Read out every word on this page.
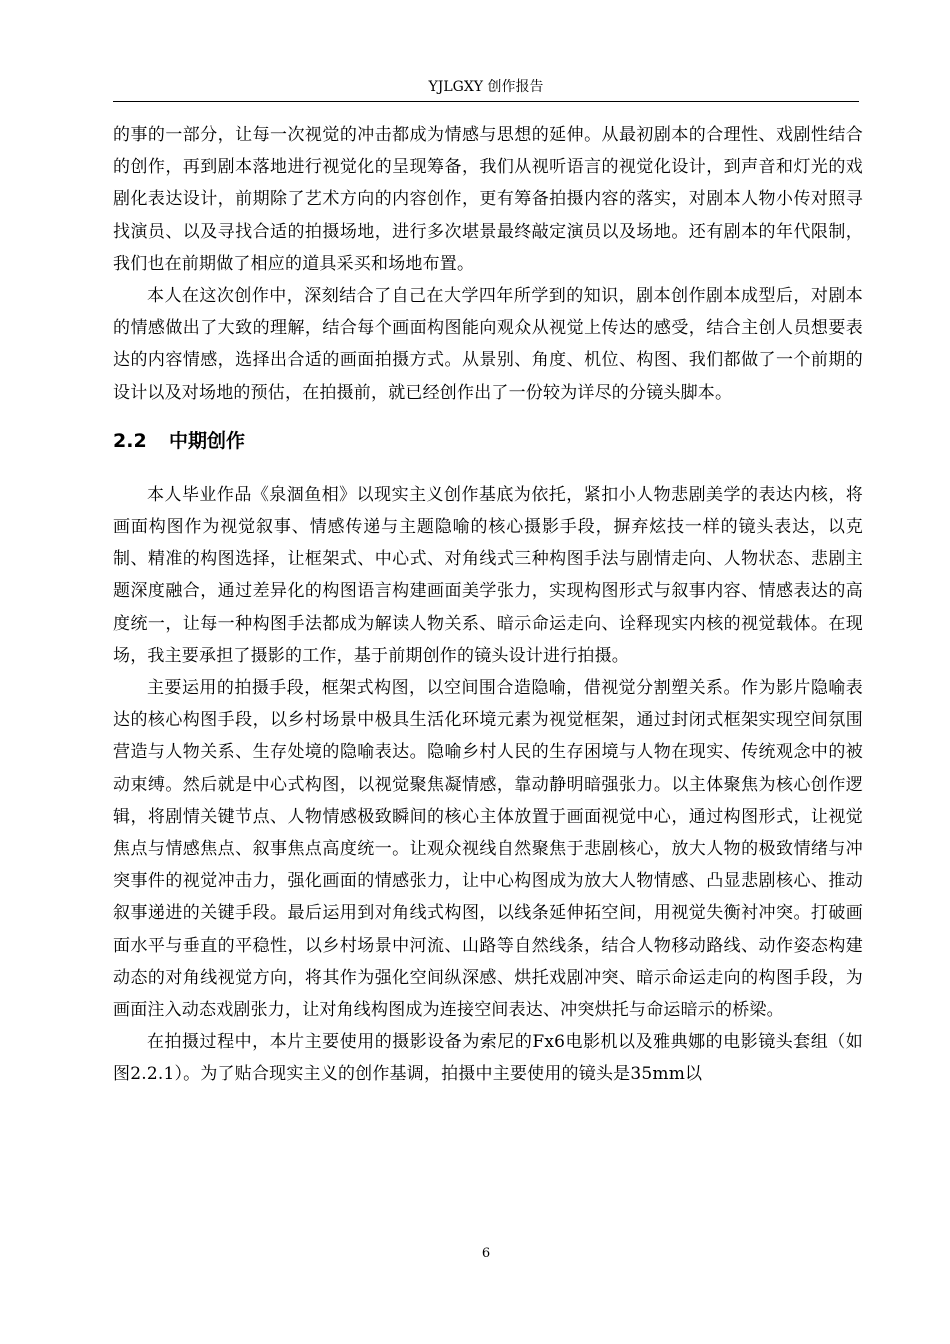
YJLGXY 创作报告

的事的一部分，让每一次视觉的冲击都成为情感与思想的延伸。从最初剧本的合理性、戏剧性结合的创作，再到剧本落地进行视觉化的呈现筹备，我们从视听语言的视觉化设计，到声音和灯光的戏剧化表达设计，前期除了艺术方向的内容创作，更有筹备拍摄内容的落实，对剧本人物小传对照寻找演员、以及寻找合适的拍摄场地，进行多次堪景最终敲定演员以及场地。还有剧本的年代限制，我们也在前期做了相应的道具采买和场地布置。

本人在这次创作中，深刻结合了自己在大学四年所学到的知识，剧本创作剧本成型后，对剧本的情感做出了大致的理解，结合每个画面构图能向观众从视觉上传达的感受，结合主创人员想要表达的内容情感，选择出合适的画面拍摄方式。从景别、角度、机位、构图、我们都做了一个前期的设计以及对场地的预估，在拍摄前，就已经创作出了一份较为详尽的分镜头脚本。

2.2 中期创作

本人毕业作品《泉涸鱼相》以现实主义创作基底为依托，紧扣小人物悲剧美学的表达内核，将画面构图作为视觉叙事、情感传递与主题隐喻的核心摄影手段，摒弃炫技一样的镜头表达，以克制、精准的构图选择，让框架式、中心式、对角线式三种构图手法与剧情走向、人物状态、悲剧主题深度融合，通过差异化的构图语言构建画面美学张力，实现构图形式与叙事内容、情感表达的高度统一，让每一种构图手法都成为解读人物关系、暗示命运走向、诠释现实内核的视觉载体。在现场，我主要承担了摄影的工作，基于前期创作的镜头设计进行拍摄。

主要运用的拍摄手段，框架式构图，以空间围合造隐喻，借视觉分割塑关系。作为影片隐喻表达的核心构图手段，以乡村场景中极具生活化环境元素为视觉框架，通过封闭式框架实现空间氛围营造与人物关系、生存处境的隐喻表达。隐喻乡村人民的生存困境与人物在现实、传统观念中的被动束缚。然后就是中心式构图，以视觉聚焦凝情感，靠动静明暗强张力。以主体聚焦为核心创作逻辑，将剧情关键节点、人物情感极致瞬间的核心主体放置于画面视觉中心，通过构图形式，让视觉焦点与情感焦点、叙事焦点高度统一。让观众视线自然聚焦于悲剧核心，放大人物的极致情绪与冲突事件的视觉冲击力，强化画面的情感张力，让中心构图成为放大人物情感、凸显悲剧核心、推动叙事递进的关键手段。最后运用到对角线式构图，以线条延伸拓空间，用视觉失衡衬冲突。打破画面水平与垂直的平稳性，以乡村场景中河流、山路等自然线条，结合人物移动路线、动作姿态构建动态的对角线视觉方向，将其作为强化空间纵深感、烘托戏剧冲突、暗示命运走向的构图手段，为画面注入动态戏剧张力，让对角线构图成为连接空间表达、冲突烘托与命运暗示的桥梁。

在拍摄过程中，本片主要使用的摄影设备为索尼的Fx6电影机以及雅典娜的电影镜头套组（如图2.2.1）。为了贴合现实主义的创作基调，拍摄中主要使用的镜头是35mm以

6
